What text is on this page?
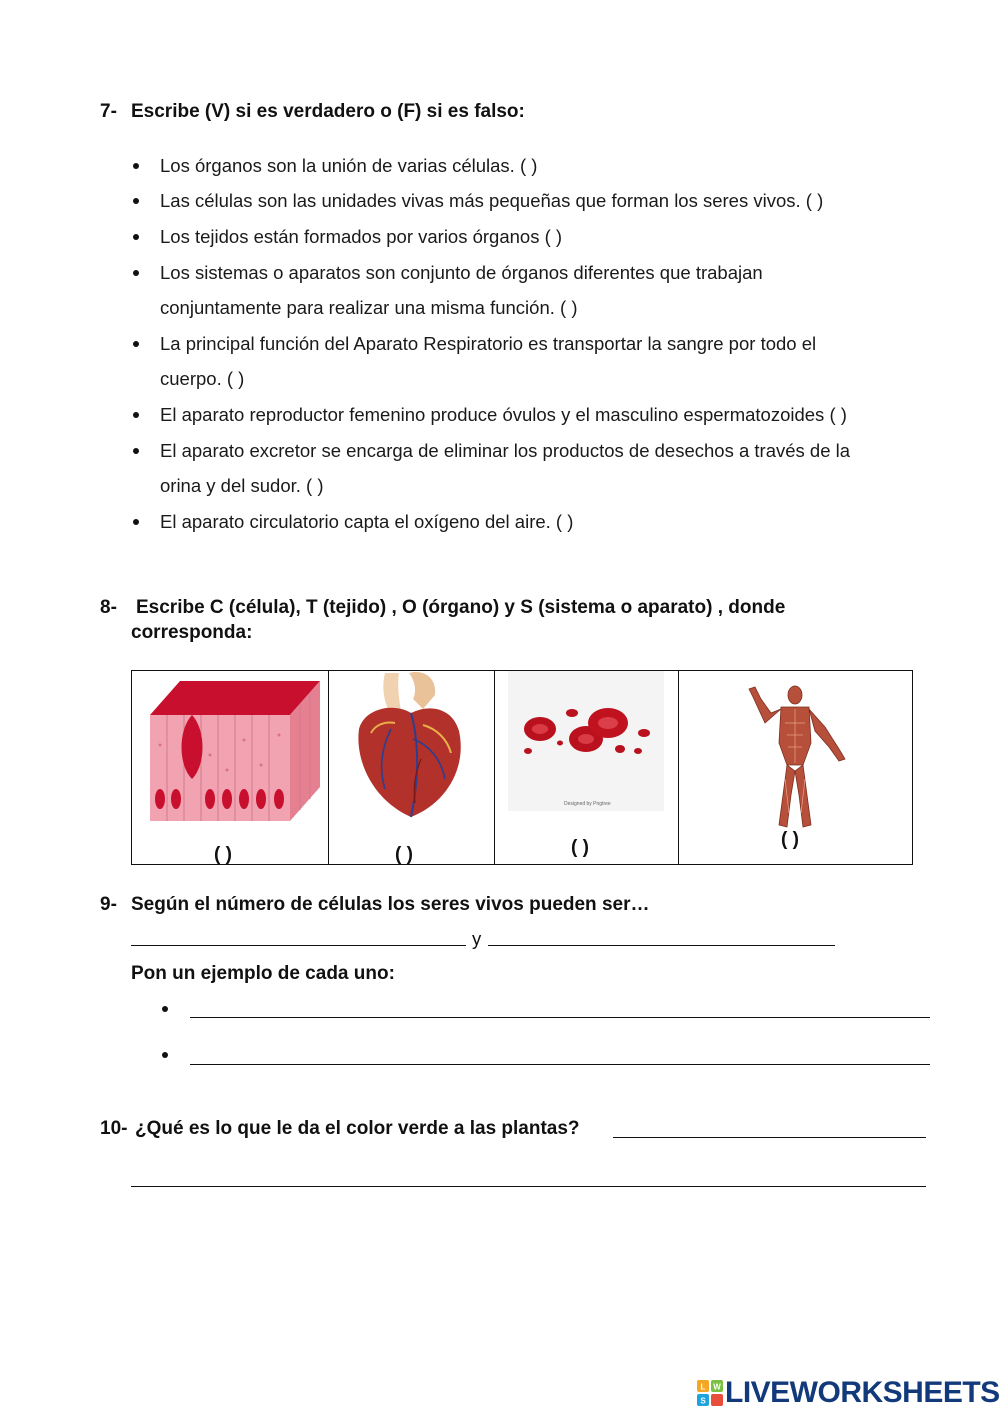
7- Escribe (V) si es verdadero o (F) si es falso:
Los órganos son la unión de varias células. ( )
Las células son las unidades vivas más pequeñas que forman los seres vivos. ( )
Los tejidos están formados por varios órganos ( )
Los sistemas o aparatos son conjunto de órganos diferentes que trabajan
conjuntamente para realizar una misma función. ( )
La principal función del Aparato Respiratorio es transportar la sangre por todo el
cuerpo. ( )
El aparato reproductor femenino produce óvulos y el masculino espermatozoides ( )
El aparato excretor se encarga de eliminar los productos de desechos a través de la
orina y del sudor. ( )
El aparato circulatorio capta el oxígeno del aire. ( )
8- Escribe C (célula), T (tejido) , O (órgano) y S (sistema o aparato) , donde
corresponda:
( )	( )
Designed by Pngtree
( )	( )
9- Según el número de células los seres vivos pueden ser…
y
Pon un ejemplo de cada uno:
10- ¿Qué es lo que le da el color verde a las plantas?
L W
S LIVEWORKSHEETS
